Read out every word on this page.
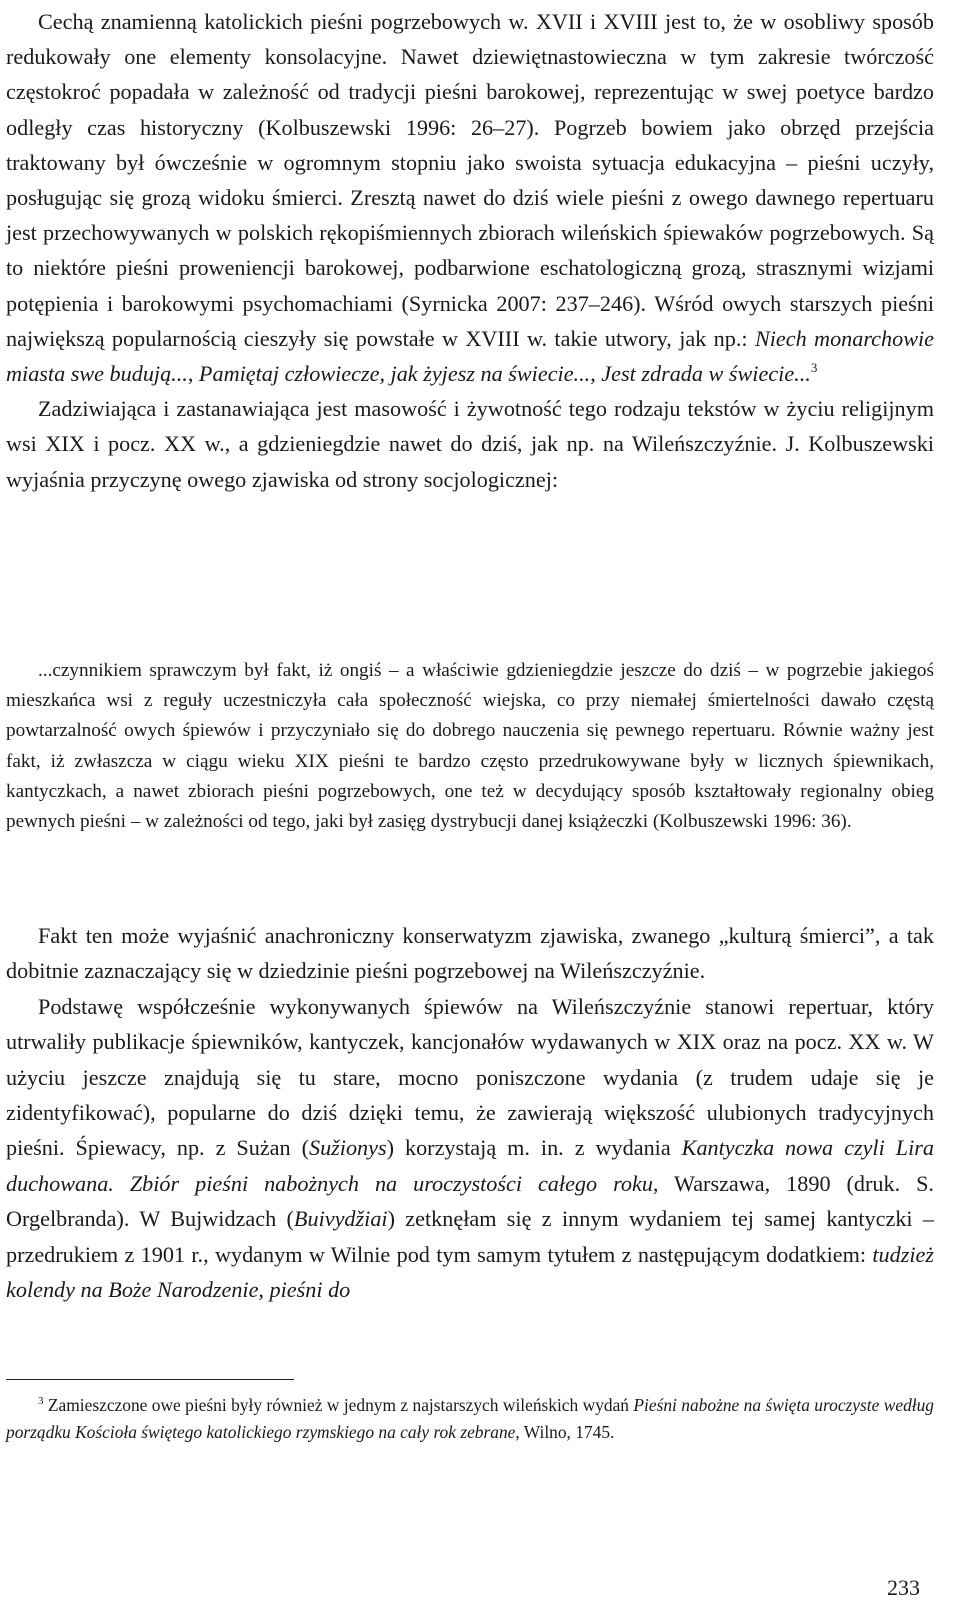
Cechą znamienną katolickich pieśni pogrzebowych w. XVII i XVIII jest to, że w osobliwy sposób redukowały one elementy konsolacyjne. Nawet dziewiętnastowieczna w tym zakresie twórczość częstokroć popadała w zależność od tradycji pieśni barokowej, reprezentując w swej poetyce bardzo odległy czas historyczny (Kolbuszewski 1996: 26–27). Pogrzeb bowiem jako obrzęd przejścia traktowany był ówcześnie w ogromnym stopniu jako swoista sytuacja edukacyjna – pieśni uczyły, posługując się grozą widoku śmierci. Zresztą nawet do dziś wiele pieśni z owego dawnego repertuaru jest przechowywanych w polskich rękopiśmiennych zbiorach wileńskich śpiewaków pogrzebowych. Są to niektóre pieśni proweniencji barokowej, podbarwione eschatologiczną grozą, strasznymi wizjami potępienia i barokowymi psychomachiami (Syrnicka 2007: 237–246). Wśród owych starszych pieśni największą popularnością cieszyły się powstałe w XVIII w. takie utwory, jak np.: Niech monarchowie miasta swe budują..., Pamiętaj człowiecze, jak żyjesz na świecie..., Jest zdrada w świecie...$^3$

Zadziwiająca i zastanawiająca jest masowość i żywotność tego rodzaju tekstów w życiu religijnym wsi XIX i pocz. XX w., a gdzieniegdzie nawet do dziś, jak np. na Wileńszczyźnie. J. Kolbuszewski wyjaśnia przyczynę owego zjawiska od strony socjologicznej:

...czynnikiem sprawczym był fakt, iż ongiś – a właściwie gdzieniegdzie jeszcze do dziś – w pogrzebie jakiegoś mieszkańca wsi z reguły uczestniczyła cała społeczność wiejska, co przy niemałej śmiertelności dawało częstą powtarzalność owych śpiewów i przyczyniało się do dobrego nauczenia się pewnego repertuaru. Równie ważny jest fakt, iż zwłaszcza w ciągu wieku XIX pieśni te bardzo często przedrukowywane były w licznych śpiewnikach, kantyczkach, a nawet zbiorach pieśni pogrzebowych, one też w decydujący sposób kształtowały regionalny obieg pewnych pieśni – w zależności od tego, jaki był zasięg dystrybucji danej książeczki (Kolbuszewski 1996: 36).

Fakt ten może wyjaśnić anachroniczny konserwatyzm zjawiska, zwanego „kulturą śmierci”, a tak dobitnie zaznaczający się w dziedzinie pieśni pogrzebowej na Wileńszczyźnie.

Podstawę współcześnie wykonywanych śpiewów na Wileńszczyźnie stanowi repertuar, który utrwaliły publikacje śpiewników, kantyczek, kancjonałów wydawanych w XIX oraz na pocz. XX w. W użyciu jeszcze znajdują się tu stare, mocno poniszczone wydania (z trudem udaje się je zidentyfikować), popularne do dziś dzięki temu, że zawierają większość ulubionych tradycyjnych pieśni. Śpiewacy, np. z Sużan (Sužionys) korzystają m. in. z wydania Kantyczka nowa czyli Lira duchowana. Zbiór pieśni nabożnych na uroczystości całego roku, Warszawa, 1890 (druk. S. Orgelbranda). W Bujwidzach (Buivydžiai) zetknęłam się z innym wydaniem tej samej kantyczki – przedrukiem z 1901 r., wydanym w Wilnie pod tym samym tytułem z następującym dodatkiem: tudzież kolendy na Boże Narodzenie, pieśni do

$^3$ Zamieszczone owe pieśni były również w jednym z najstarszych wileńskich wydań Pieśni nabożne na święta uroczyste według porządku Kościoła świętego katolickiego rzymskiego na cały rok zebrane, Wilno, 1745.

233
